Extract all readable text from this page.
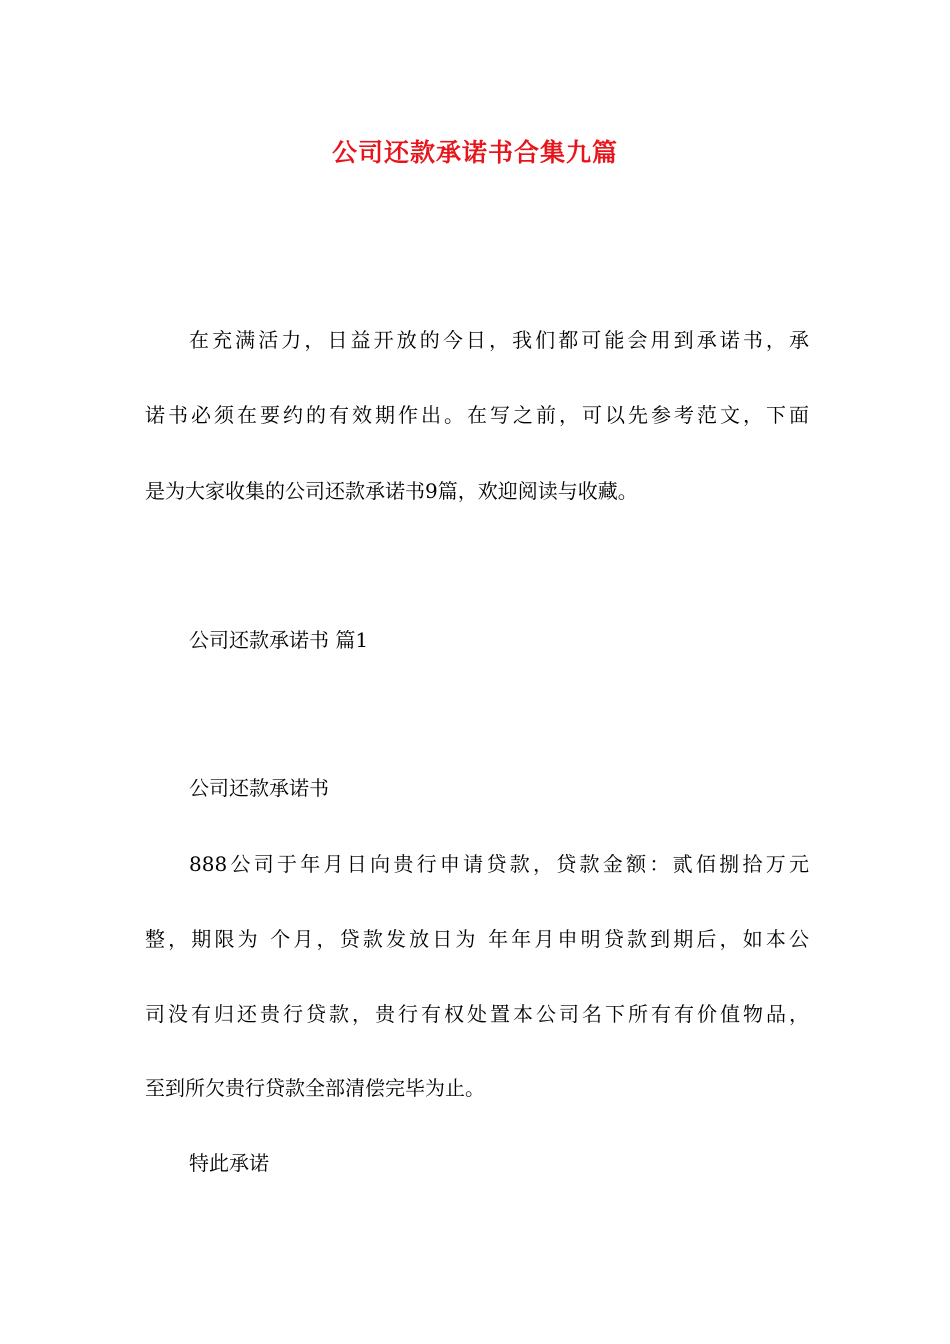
公司还款承诺书合集九篇
在充满活力，日益开放的今日，我们都可能会用到承诺书，承
诺书必须在要约的有效期作出。在写之前，可以先参考范文，下面
是为大家收集的公司还款承诺书9篇，欢迎阅读与收藏。
公司还款承诺书 篇1
公司还款承诺书
888公司于年月日向贵行申请贷款，贷款金额：贰佰捌拾万元
整，期限为 个月，贷款发放日为 年年月申明贷款到期后，如本公
司没有归还贵行贷款，贵行有权处置本公司名下所有有价值物品，
至到所欠贵行贷款全部清偿完毕为止。
特此承诺
